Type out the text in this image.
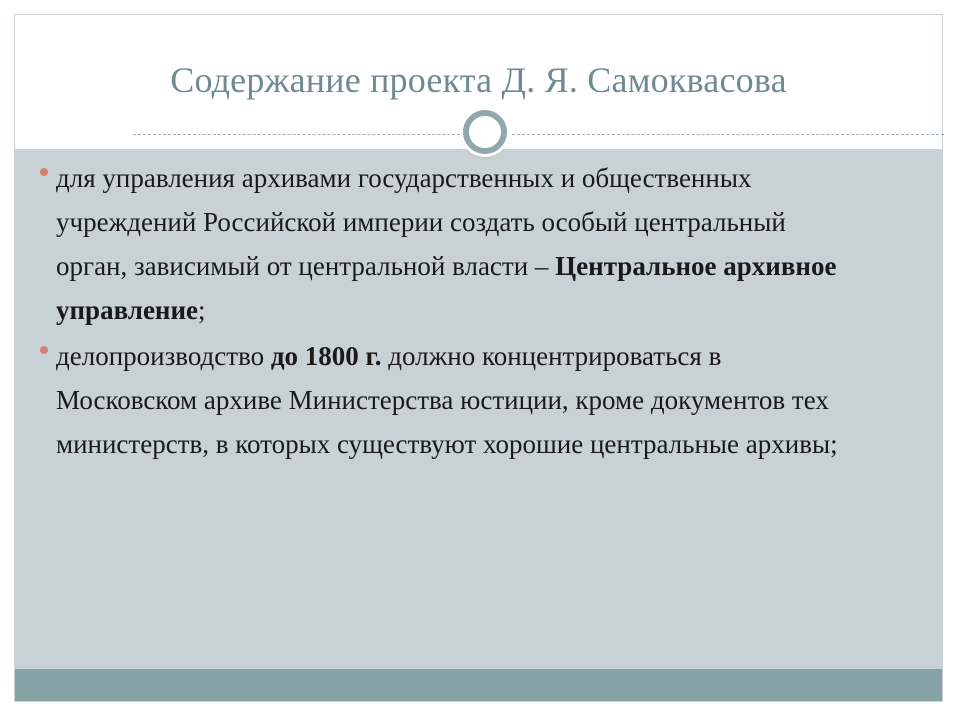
Содержание проекта Д. Я. Самоквасова
для управления архивами государственных и общественных учреждений Российской империи создать особый центральный орган, зависимый от центральной власти – Центральное архивное управление;
делопроизводство до 1800 г. должно концентрироваться в Московском архиве Министерства юстиции, кроме документов тех министерств, в которых существуют хорошие центральные архивы;
